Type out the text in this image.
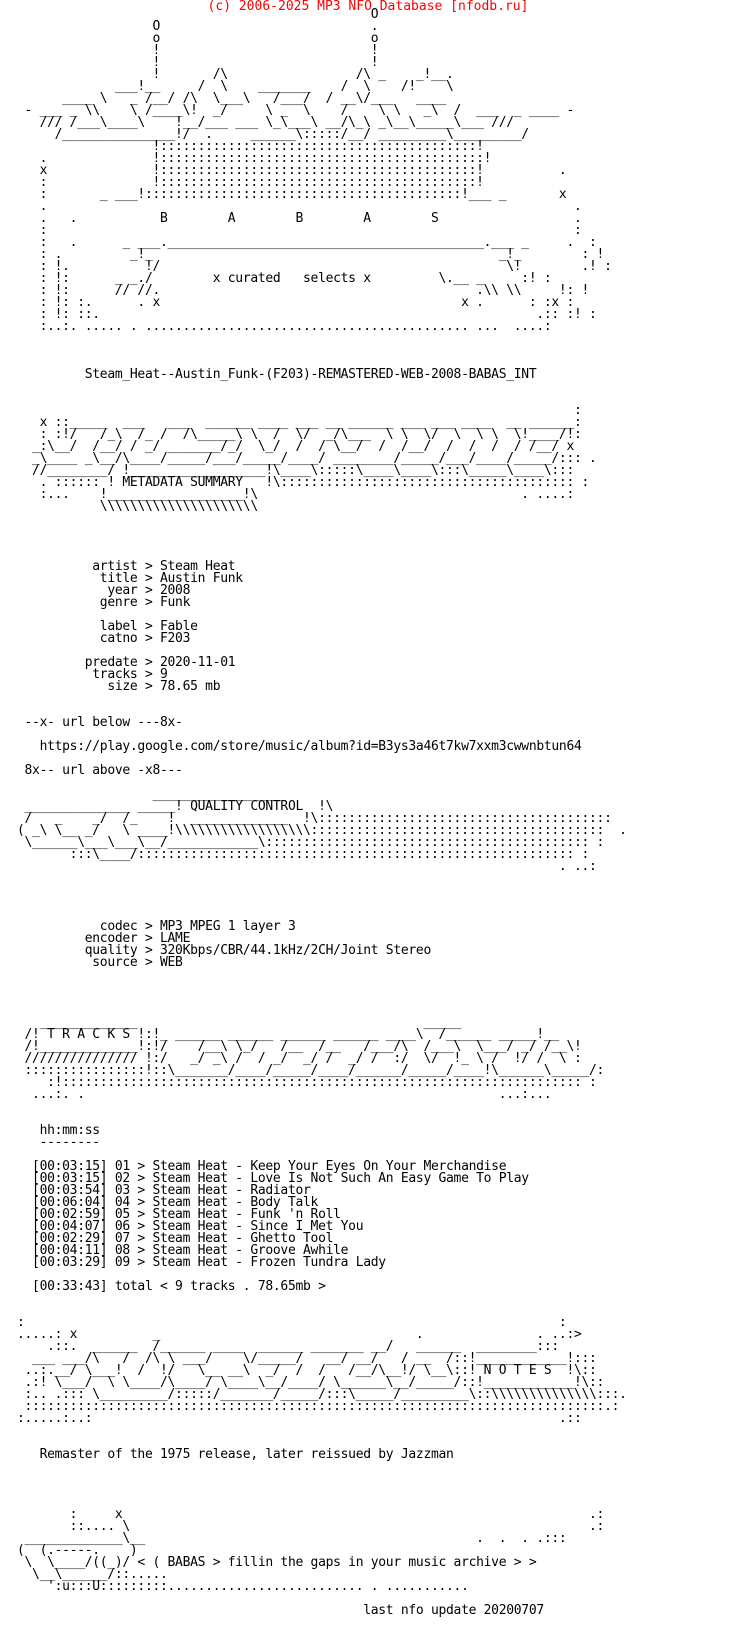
(c) 2006-2025 MP3 NFO Database [nfodb.ru]
O
O                            .
o                            o
!                            !
!                            !
!       /\                 /\ _    _!__.
___!__     /  \    _______    /  \    /!    \
____ \   _ /__/ /\  \___\   /___/  / __\/___   ____
- ___ _ \\    \ /____\!  _/     \ _  \    /    \ \   _\  /  ___  _ ____ -
/// /___\____\    !__/___ ___ \_\___\ __/\_\ _\__\_____\___ ///
/_______________!/  .     ______\:::::/__/ _________\_________/
!::::::::::::::::::::::::::::::::::::::::::!
.              !:::::::::::::::::::::::::::::::::::::::::::!
x              !::::::::::::::::::::::::::::::::::::::::::!          .
:              !::::::::::::::::::::::::::::::::::::::::::!
:       _ ___!::::::::::::::::::::::::::::::::::::::::::!___ _       x
.                                                                      .
.   .           B        A        B        A        S                  .
:                                                                      :
:   .      _ ___.__________________________________________.___ _     .  :
: .         _!_                                              _!_        : !
: !.          !/                                              \!        .! :
: !:      _ _./        x curated   selects x         \.__ _     :! :
: !:      // //.                                          .\\ \\     !: !
: !: :.      . x                                        x .      : :x :
: !: ::.                                                          .:: :! :
:..:. ..... . ........................................... ...  ....:

Steam_Heat--Austin_Funk-(F203)-REMASTERED-WEB-2008-BABAS_INT

:
x ::_____  ___   ___  ______ ____ ___ __ ______ ___ ___ ____  __ ______:
: :!/   /_\  /_ /  /\_____\ \  /  \/  _/\___  \ \  \/  \  \ \  \!____/!:
_:\__/  /__/ / _/ _______/_/  \_/  /  / \__/  /  /__/  /  /  /  / /__/ x
_\____ _\__/\____/_____/___/_____/____/ ________/_____/___/____/_____/::: .
//________/ !__________________!\____\:::::\____\____\:::\_____\____\:::
. :::::: ! METADATA SUMMARY   !\::::::::::::::::::::::::::::::::::::::: :
:...    !__________________!\                                   . ....:
\\\\\\\\\\\\\\\\\\\\\

artist > Steam Heat
title > Austin Funk
year > 2008
genre > Funk

label > Fable
catno > F203

predate > 2020-11-01
tracks > 9
size > 78.65 mb

--x- url below ---8x-

https://play.google.com/store/music/album?id=B3ys3a46t7kw7xxm3cwwnbtun64

8x-- url above -x8---

_________________
______________ _____! QUALITY CONTROL  !\
/   _    _/  /_    !  _____________  !\:::::::::::::::::::::::::::::::::::::::
( _\ \__ _/   \ ____!\\\\\\\\\\\\\\\\\\:::::::::::::::::::::::::::::::::::::::  .
\______\___\___\__/____________\::::::::::::::::::::::::::::::::::::::::::: :
:::\____/:::::::::::::::::::::::::::::::::::::::::::::::::::::::::: :
. ..:

codec > MP3 MPEG 1 layer 3
encoder > LAME
quality > 320Kbps/CBR/44.1kHz/2CH/Joint Stereo
source > WEB

_____________                                      _____
/! T R A C K S !:!_ ______ ______ ______ ______ ____\  /______ _____!__
/!_____________!:!/    /__\ \_/   /__  /__   /___/\  /___\  \___/ _/ /__\!
/////////////// !:/   _/ _\ /  / _/  _/ /  _/ /  :/  \/  !_ \ /  !/ /  \ :
::::::::::::::::!::\_______/____/_____/____/______/_____/____!\______\_____/:
:!::::::::::::::::::::::::::::::::::::::::::::::::::::::::::::::::::::: :
...:. .                                                       ...:...

hh:mm:ss
--------

[00:03:15] 01 > Steam Heat - Keep Your Eyes On Your Merchandise
[00:03:15] 02 > Steam Heat - Love Is Not Such An Easy Game To Play
[00:03:54] 03 > Steam Heat - Radiator
[00:06:04] 04 > Steam Heat - Body Talk
[00:02:59] 05 > Steam Heat - Funk 'n Roll
[00:04:07] 06 > Steam Heat - Since I Met You
[00:02:29] 07 > Steam Heat - Ghetto Tool
[00:04:11] 08 > Steam Heat - Groove Awhile
[00:03:29] 09 > Steam Heat - Frozen Tundra Lady

[00:33:43] total < 9 tracks . 78.65mb >

:                                                                       :
.....: x          _                                  .               . ..:>
.::.  ______  /______ ____  ______ _______ __/   ______  ________:::
___ ___/\   /  /\ \ ___/    \/_____/   __/ __/   / __  /::!____________!:::
..:.__/ \___!  /  !/   \__ __\  _/  /  /   /__/\__!/ \__\::! N O T E S  !\::
.:! \___/  \ \____/\____/ \____\__/____/ \______\__/_____/::!____________!\::
:.. .::: \_________/:::::/_______/_____/:::\_____/_________\::\\\\\\\\\\\\\\:::.
:::::::::::::::::::::::::::::::::::::::::::::::::::::::::::::::::::::::::::::.:
:.....:..:                                                              .::

Remaster of the 1975 release, later reissued by Jazzman

:     x                                                              .:
::.... \                                                             .:
_____________\__                                            .  .  . .:::
(  (.-----.    )
\  \____/((_)/ < ( BABAS > fillin the gaps in your music archive > >
\__\______/::.....
':u:::U:::::::::.......................... . ...........

last nfo update 20200707
